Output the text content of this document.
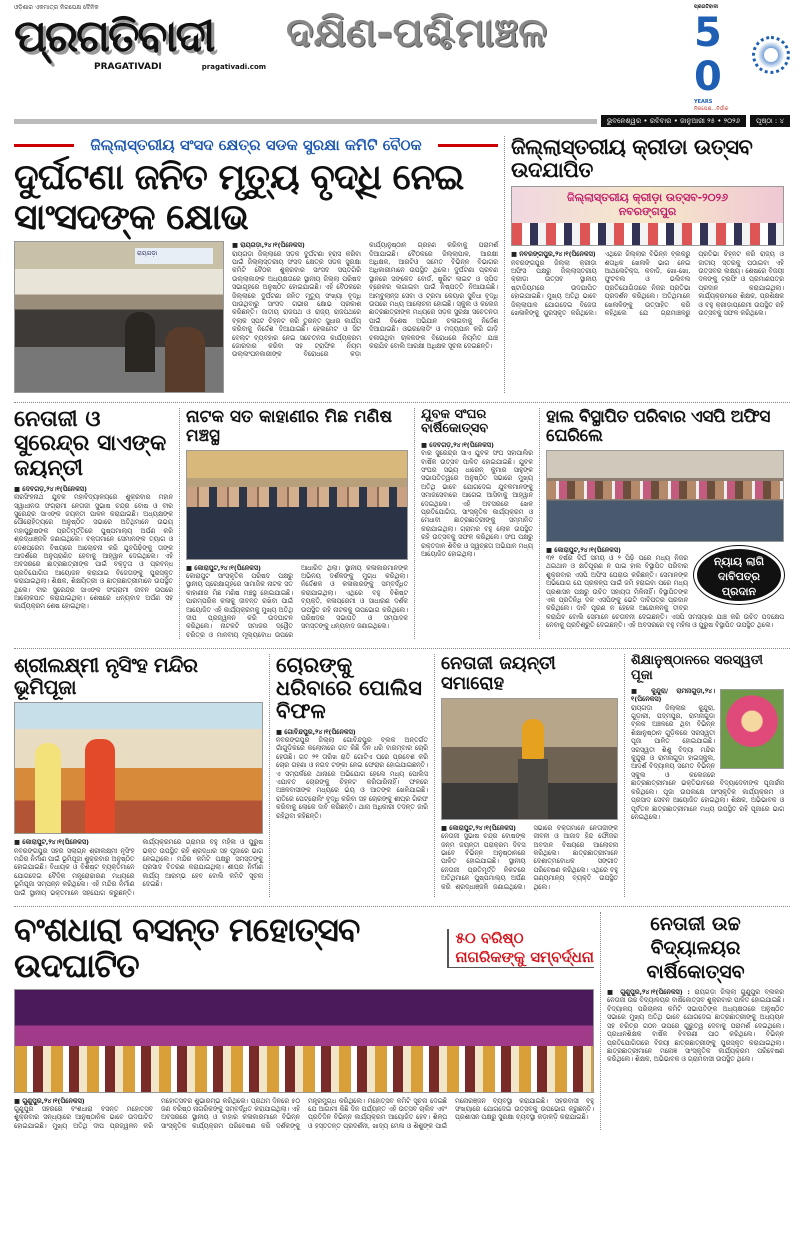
ଓଡ଼ିଶାର ଏକମାତ୍ର ନିରପେକ୍ଷ ଦୈନିକ
ପ୍ରଗତିବାଦୀ
PRAGATIVADI	pragativadi.com
ଦକ୍ଷିଣ-ପଶ୍ଚିମାଞ୍ଚଳ
ପ୍ରଗତିବାଦୀ
50
YEARS
ନିରପେକ୍ଷ...ନିର୍ଭୀକ
ଭୁବନେଶ୍ୱର • ରବିବାର • ଜାନୁଆରୀ ୨୫ • ୨୦୨୬	ପୃଷ୍ଠା : ୪
ଜିଲ୍ଲାସ୍ତରୀୟ ସଂସଦ କ୍ଷେତ୍ର ସଡକ ସୁରକ୍ଷା କମିଟି ବୈଠକ
ଦୁର୍ଘଟଣା ଜନିତ ମୃତ୍ୟୁ ବୃଦ୍ଧି ନେଇ ସାଂସଦଙ୍କ କ୍ଷୋଭ
ରାୟଗଡ଼ା
■ ରାୟଗଡ଼ା,୨୪।୧(ପିନେକସ)
ରାୟଗଡ଼ା ଜିଲ୍ଲାରେ ସଡ଼କ ଦୁର୍ଘଟଣା ହ୍ରାସ କରିବା ପାଇଁ ଜିଲ୍ଲାସ୍ତରୀୟ ସଂସଦ କ୍ଷେତ୍ର ସଡକ ସୁରକ୍ଷା କମିଟି ବୈଠକ ଶୁକ୍ରବାର ସାଂସଦ ସପ୍ତଗିରି ଉଲ୍ଲାକାଙ୍କ ଅଧ୍ୟକ୍ଷତାରେ ସ୍ଥାନୀୟ ଜିଲ୍ଲା ପରିଷଦ ସଭାଗୃହରେ ଅନୁଷ୍ଠିତ ହୋଇଯାଇଛି। ଏହି ବୈଠକରେ ଜିଲ୍ଲାରେ ଦୁର୍ଘଟଣା ଜନିତ ମୃତ୍ୟୁ ସଂଖ୍ୟା ବୃଦ୍ଧି ପାଉଥିବାରୁ ସାଂସଦ ଗଭୀର କ୍ଷୋଭ ପ୍ରକାଶ କରିଛନ୍ତି। ଜାତୀୟ ରାଜପଥ ଓ ରାଜ୍ୟ ରାଜପଥରେ ବ୍ଲାକ ସ୍ପଟ ଚିହ୍ନଟ କରି ତୁରନ୍ତ ସୁଧାର କାର୍ଯ୍ୟ କରିବାକୁ ନିର୍ଦ୍ଦେଶ ଦିଆଯାଇଛି। ହେଲମେଟ ଓ ସିଟ ବେଲ୍ଟ ବ୍ୟବହାର ନେଇ ସଚେତନତା କାର୍ଯ୍ୟକ୍ରମ ଜୋରଦାର କରିବା ସହ ଟ୍ରାଫିକ ନିୟମ ଉଲ୍ଲଂଘନକାରୀଙ୍କ ବିରୋଧରେ କଡ଼ା କାର୍ଯ୍ୟାନୁଷ୍ଠାନ ଗ୍ରହଣ କରିବାକୁ ପରାମର୍ଶ ଦିଆଯାଇଛି। ବୈଠକରେ ଜିଲ୍ଲାପାଳ, ଆରକ୍ଷୀ ଅଧିକ୍ଷକ, ଆରଟିଓ ସମେତ ବିଭିନ୍ନ ବିଭାଗର ଅଧିକାରୀମାନେ ଉପସ୍ଥିତ ଥିଲେ। ଦୁର୍ଘଟଣା ପ୍ରବଣ ସ୍ଥାନରେ ସଙ୍କେତ ବୋର୍ଡ, ଷ୍ଟ୍ରିଟ ଲାଇଟ ଓ ସ୍ପିଡ ବ୍ରେକର ଲଗାଇବା ପାଇଁ ନିଷ୍ପତ୍ତି ନିଆଯାଇଛି। ଆମ୍ବୁଲାନ୍ସ ସେବା ଓ ଟ୍ରମା କେୟାର ସୁବିଧା ବୃଦ୍ଧି ଉପରେ ମଧ୍ୟ ଆଲୋଚନା ହୋଇଛି। ସ୍କୁଲ ଓ କଲେଜ ଛାତ୍ରଛାତ୍ରୀଙ୍କ ମଧ୍ୟରେ ସଡ଼କ ସୁରକ୍ଷା ସଚେତନତା ପାଇଁ ବିଶେଷ ଅଭିଯାନ ଚଳାଇବାକୁ ନିର୍ଦ୍ଦେଶ ଦିଆଯାଇଛି। ଓଭରଲୋଡିଂ ଓ ମଦ୍ୟପାନ କରି ଗାଡ଼ି ଚଳାଉଥିବା ଚାଳକଙ୍କ ବିରୋଧରେ ନିୟମିତ ଯାଞ୍ଚ କରାଯିବ ବୋଲି ଆରକ୍ଷୀ ଅଧିକ୍ଷକ ସୂଚନା ଦେଇଛନ୍ତି।
ଜିଲ୍ଲାସ୍ତରୀୟ କ୍ରୀଡା ଉତ୍ସବ ଉଦଯାପିତ
ଜିଲ୍ଲାସ୍ତରୀୟ କ୍ରୀଡ଼ା ଉତ୍ସବ-୨୦୨୬
ନବରଙ୍ଗପୁର
■ ନବରଙ୍ଗପୁର,୨୪।୧(ପିନେକସ)
ନବରଙ୍ଗପୁର ଜିଲ୍ଲା କ୍ରୀଡ଼ା ଅଫିସ ପକ୍ଷରୁ ଜିଲ୍ଲାସ୍ତରୀୟ କ୍ରୀଡ଼ା ଉତ୍ସବ ସ୍ଥାନୀୟ ଷ୍ଟାଡିୟମରେ ଉଦଯାପିତ ହୋଇଯାଇଛି। ମୁଖ୍ୟ ଅତିଥି ଭାବେ ଜିଲ୍ଲାପାଳ ଯୋଗଦେଇ ବିଜେତା ଖେଳାଳିଙ୍କୁ ପୁରସ୍କୃତ କରିଥିଲେ। ଏଥିରେ ଜିଲ୍ଲାର ବିଭିନ୍ନ ବ୍ଲକରୁ ଶତାଧିକ ଖେଳାଳି ଭାଗ ନେଇ ଆଥଲେଟିକ୍ସ, କବାଡି, ଖୋ-ଖୋ, ଫୁଟବଲ ଓ ଭଲିବଲ ପ୍ରତିଯୋଗିତାରେ ନିଜର ପ୍ରତିଭା ପ୍ରଦର୍ଶନ କରିଥିଲେ। ଅତିଥିମାନେ ଖେଳାଳିଙ୍କୁ ଉତ୍ସାହିତ କରି କହିଥିଲେ ଯେ ଗ୍ରାମାଞ୍ଚଳରୁ ପ୍ରତିଭା ଚିହ୍ନଟ କରି ରାଜ୍ୟ ଓ ଜାତୀୟ ସ୍ତରକୁ ପଠାଇବା ଏହି ଉତ୍ସବର ଲକ୍ଷ୍ୟ। ଶେଷରେ ବିଜୟୀ ଦଳଙ୍କୁ ଟ୍ରଫି ଓ ପ୍ରମାଣପତ୍ର ପ୍ରଦାନ କରାଯାଇଥିଲା। କାର୍ଯ୍ୟକ୍ରମରେ ଶିକ୍ଷକ, ପ୍ରଶିକ୍ଷକ ଓ ବହୁ କ୍ରୀଡ଼ାପ୍ରେମୀ ଉପସ୍ଥିତ ରହି ଉତ୍ସବକୁ ସଫଳ କରିଥିଲେ।
ନେତାଜୀ ଓ ସୁରେନ୍ଦ୍ର ସାଏଙ୍କ ଜୟନ୍ତୀ
■ ଦେବଗଡ଼,୨୪।୧(ପିନେକସ)
ନାରସିଂହନାଥ ଯୁବକ ମହାବିଦ୍ୟାଳୟରେ ଶୁକ୍ରବାର ମହାନ ସ୍ୱାଧୀନତା ସଂଗ୍ରାମୀ ନେତାଜୀ ସୁଭାଷ ଚନ୍ଦ୍ର ବୋଷ ଓ ବୀର ସୁରେନ୍ଦ୍ର ସାଏଙ୍କ ଜୟନ୍ତୀ ପାଳନ କରାଯାଇଛି। ଅଧ୍ୟକ୍ଷଙ୍କ ପୌରୋହିତ୍ୟରେ ଅନୁଷ୍ଠିତ ସଭାରେ ଅତିଥିମାନେ ଉଭୟ ମହାପୁରୁଷଙ୍କ ପ୍ରତିମୂର୍ତ୍ତିରେ ପୁଷ୍ପମାଲ୍ୟ ଅର୍ପଣ କରି ଶ୍ରଦ୍ଧାଞ୍ଜଳି ଜଣାଇଥିଲେ। ବକ୍ତାମାନେ ସେମାନଙ୍କ ତ୍ୟାଗ ଓ ଦେଶପ୍ରେମ ବିଷୟରେ ଆଲୋଚନା କରି ଯୁବପିଢ଼ିଙ୍କୁ ତାଙ୍କ ଆଦର୍ଶରେ ଅନୁପ୍ରାଣିତ ହେବାକୁ ଆହ୍ୱାନ ଦେଇଥିଲେ। ଏହି ଅବସରରେ ଛାତ୍ରଛାତ୍ରୀଙ୍କ ପାଇଁ ବକ୍ତୃତା ଓ ପ୍ରବନ୍ଧ ପ୍ରତିଯୋଗିତା ଆୟୋଜନ କରାଯାଇ ବିଜେତାଙ୍କୁ ପୁରସ୍କୃତ କରାଯାଇଥିଲା। ଶିକ୍ଷକ, ଶିକ୍ଷୟିତ୍ରୀ ଓ ଛାତ୍ରଛାତ୍ରୀମାନେ ଉପସ୍ଥିତ ଥିଲେ। ବୀର ସୁରେନ୍ଦ୍ର ସାଏଙ୍କ ସଂଗ୍ରାମୀ ଜୀବନ ଉପରେ ଆଲୋକପାତ କରାଯାଇଥିଲା। ଶେଷରେ ଧନ୍ୟବାଦ ଅର୍ପଣ ସହ କାର୍ଯ୍ୟକ୍ରମ ଶେଷ ହୋଇଥିଲା।
ନାଟକ ସତ କାହାଣୀର ମିଛ ମଣିଷ ମଞ୍ଚସ୍ଥ
■ କୋରାପୁଟ,୨୪।୧(ପିନେକସ)
କୋରାପୁଟ ସାଂସ୍କୃତିକ ପରିଷଦ ପକ୍ଷରୁ ସ୍ଥାନୀୟ ପ୍ରେକ୍ଷାଗୃହରେ ସାମାଜିକ ନାଟକ ସତ କାହାଣୀର ମିଛ ମଣିଷ ମଞ୍ଚସ୍ଥ ହୋଇଯାଇଛି। ପାରମ୍ପରିକ କଳାକୁ ଜୀବନ୍ତ ରଖିବା ପାଇଁ ଆୟୋଜିତ ଏହି କାର୍ଯ୍ୟକ୍ରମକୁ ମୁଖ୍ୟ ଅତିଥି ଦୀପ ପ୍ରଜ୍ୱଳନ କରି ଉଦଘାଟନ କରିଥିଲେ। ନାଟକଟି ସମାଜର ଦ୍ୱୈତ ଚରିତ୍ର ଓ ମାନବୀୟ ମୂଲ୍ୟବୋଧ ଉପରେ ଆଧାରିତ ଥିଲା। ସ୍ଥାନୀୟ କଳାକାରମାନଙ୍କ ଅଭିନୟ ଦର୍ଶକଙ୍କୁ ମୁଗ୍ଧ କରିଥିଲା। ନିର୍ଦ୍ଦେଶକ ଓ କଳାକାରଙ୍କୁ ସମ୍ବର୍ଦ୍ଧିତ କରାଯାଇଥିଲା। ଏଥିରେ ବହୁ ବିଶିଷ୍ଟ ବ୍ୟକ୍ତି, କଳାପ୍ରେମୀ ଓ ସାଧାରଣ ଦର୍ଶକ ଉପସ୍ଥିତ ରହି ନାଟକକୁ ଉପଭୋଗ କରିଥିଲେ। ପରିଷଦର ସଭାପତି ଓ ସମ୍ପାଦକ ସମସ୍ତଙ୍କୁ ଧନ୍ୟବାଦ ଜଣାଇଥିଲେ।
ଯୁବକ ସଂଘର ବାର୍ଷିକୋତ୍ସବ
■ ଦେବଗଡ଼,୨୪।୧(ପିନେକସ)
ବାର ସୁରେନ୍ଦ୍ର ସାଏ ଯୁବକ ସଂଘ ସହାପାଲିର ବାର୍ଷିକ ଉତ୍ସବ ପାଳିତ ହୋଇଯାଇଛି। ଯୁବକ ସଂଘର ସଭ୍ୟ ଧାରେନ୍ କୁମାର ସାହୁଙ୍କ ସଭାପତିତ୍ୱରେ ଅନୁଷ୍ଠିତ ସଭାରେ ମୁଖ୍ୟ ଅତିଥି ଭାବେ ଯୋଗଦେଇ ଯୁବକମାନଙ୍କୁ ସମାଜସେବାରେ ଆଗେଇ ଆସିବାକୁ ଆହ୍ୱାନ ଦେଇଥିଲେ। ଏହି ଅବସରରେ ଖେଳ ପ୍ରତିଯୋଗିତା, ସାଂସ୍କୃତିକ କାର୍ଯ୍ୟକ୍ରମ ଓ ମେଧାବୀ ଛାତ୍ରଛାତ୍ରୀଙ୍କୁ ସମ୍ମାନିତ କରାଯାଇଥିଲା। ଗ୍ରାମର ବହୁ ଲୋକ ଉପସ୍ଥିତ ରହି ଉତ୍ସବକୁ ସଫଳ କରିଥିଲେ। ସଂଘ ପକ୍ଷରୁ ରକ୍ତଦାନ ଶିବିର ଓ ସ୍ୱଚ୍ଛତା ଅଭିଯାନ ମଧ୍ୟ ଆୟୋଜିତ ହୋଇଥିଲା।
ହାଲ ବିସ୍ଥାପିତ ପରିବାର ଏସପି ଅଫିସ ଘେରିଲେ
ନ୍ୟାୟ ଲାଗି ଦାବିପତ୍ର ପ୍ରଦାନ
■ କୋରାପୁଟ,୨୪।୧(ପିନେକସ)
୩୧ ବର୍ଷର ଦିର୍ଘ ସମୟ ଓ ୨ ପିଢ଼ି ପରେ ମଧ୍ୟ ନିଜର ଥଇଥାନ ଓ କ୍ଷତିପୂରଣ ନ ପାଇ ହାଲ ବିସ୍ଥାପିତ ପରିବାର ଶୁକ୍ରବାର ଏସପି ଅଫିସ ଘେରାଉ କରିଛନ୍ତି। ସେମାନଙ୍କ ଅଭିଯୋଗ ଯେ ପ୍ରକଳ୍ପ ପାଇଁ ଜମି ହରାଇବା ପରେ ମଧ୍ୟ ପ୍ରଶାସନ ପକ୍ଷରୁ ଉଚିତ ସହାୟତା ମିଳିନାହିଁ। ବିସ୍ଥାପିତଙ୍କ ଏକ ପ୍ରତିନିଧି ଦଳ ଏସପିଙ୍କୁ ଭେଟି ଦାବିପତ୍ର ପ୍ରଦାନ କରିଥିଲେ। ଦାବି ପୂରଣ ନ ହେଲେ ଆନ୍ଦୋଳନକୁ ତୀବ୍ର କରାଯିବ ବୋଲି ସେମାନେ ଚେତାବନୀ ଦେଇଛନ୍ତି। ଏସପି ସମସ୍ୟାର ଯାଞ୍ଚ କରି ଉଚିତ ପଦକ୍ଷେପ ନେବାକୁ ପ୍ରତିଶ୍ରୁତି ଦେଇଛନ୍ତି। ଏହି ଅବସରରେ ବହୁ ମହିଳା ଓ ପୁରୁଷ ବିସ୍ଥାପିତ ଉପସ୍ଥିତ ଥିଲେ।
ଶ୍ରୀଲକ୍ଷ୍ମୀ ନୃସିଂହ ମନ୍ଦିର ଭୂମିପୂଜା
■ କୋରାପୁଟ,୨୪।୧(ପିନେକସ)
ନବରଙ୍ଗପୁର ସହର ସଲାଗ୍ନ ଶ୍ରୀଲକ୍ଷ୍ମୀ ନୃସିଂହ ମନ୍ଦିର ନିର୍ମାଣ ପାଇଁ ଭୂମିପୂଜା ଶୁକ୍ରବାର ଅନୁଷ୍ଠିତ ହୋଇଯାଇଛି। ବିଧାୟକ ଓ ବିଶିଷ୍ଟ ବ୍ୟକ୍ତିମାନେ ଯୋଗଦେଇ ବୈଦିକ ମନ୍ତ୍ରୋଚ୍ଚାରଣ ମଧ୍ୟରେ ଭୂମିପୂଜା ସମ୍ପନ୍ନ କରିଥିଲେ। ଏହି ମନ୍ଦିର ନିର୍ମାଣ ପାଇଁ ସ୍ଥାନୀୟ ଭକ୍ତମାନେ ସହଯୋଗ କରୁଛନ୍ତି। କାର୍ଯ୍ୟକ୍ରମରେ ଗ୍ରାମର ବହୁ ମହିଳା ଓ ପୁରୁଷ ଭକ୍ତ ଉପସ୍ଥିତ ରହି ଶ୍ରଦ୍ଧାର ସହ ପୂଜାରେ ଭାଗ ନେଇଥିଲେ। ମନ୍ଦିର କମିଟି ପକ୍ଷରୁ ସମସ୍ତଙ୍କୁ ପ୍ରସାଦ ବିତରଣ କରାଯାଇଥିଲା। ଶୀଘ୍ର ନିର୍ମାଣ କାର୍ଯ୍ୟ ଆରମ୍ଭ ହେବ ବୋଲି କମିଟି ସୂଚନା ଦେଇଛି।
ଚୋରଙ୍କୁ ଧରିବାରେ ପୋଲିସ ବିଫଳ
■ ଗୋବିନ୍ଦପୁର,୨୪।୧(ପିନେକସ)
ନବରଙ୍ଗପୁର ଜିଲ୍ଲା ଗୋବିନ୍ଦପୁର ବ୍ଲକ ଅନ୍ତର୍ଗତ ଗାଁଗୁଡ଼ିକରେ କଲୋନୀରେ ଗତ କିଛି ଦିନ ଧରି ବାରମ୍ବାର ଚୋରି ହେଉଛି। ଗତ ୨୧ ତାରିଖ ରାତି ଗୋଟିଏ ଘରେ ପ୍ରବେଶ କରି ଚୋର ଗହଣା ଓ ନଗଦ ଟଙ୍କା ନେଇ ଫେରାର ହୋଇଯାଇଛନ୍ତି। ଏ ସମ୍ପର୍କରେ ଥାନାରେ ଅଭିଯୋଗ ହେଲେ ମଧ୍ୟ ପୋଲିସ ଏଯାବତ ଚୋରଙ୍କୁ ଚିହ୍ନଟ କରିପାରିନାହିଁ। ଫଳରେ ଅଞ୍ଚଳବାସୀଙ୍କ ମଧ୍ୟରେ ଭୟ ଓ ଆତଙ୍କ ଖେଳିଯାଇଛି। ରାତିରେ ପେଟ୍ରୋଲିଂ ବୃଦ୍ଧି କରିବା ସହ ଚୋରଙ୍କୁ ଶୀଘ୍ର ଗିରଫ କରିବାକୁ ଲୋକେ ଦାବି କରିଛନ୍ତି। ଥାନା ଅଧିକାରୀ ତଦନ୍ତ ଜାରି ରହିଥିବା କହିଛନ୍ତି।
ନେତାଜୀ ଜୟନ୍ତୀ ସମାରୋହ
■ କୋରାପୁଟ,୨୪।୧(ପିନେକସ)
ନେତାଜୀ ସୁଭାଷ ଚନ୍ଦ୍ର ବୋଷଙ୍କ ଜନ୍ମ ଜୟନ୍ତୀ ପରାକ୍ରମ ଦିବସ ଭାବେ ବିଭିନ୍ନ ଅନୁଷ୍ଠାନରେ ପାଳିତ ହୋଇଯାଇଛି। ସ୍ଥାନୀୟ ନେତାଜୀ ପ୍ରତିମୂର୍ତ୍ତି ନିକଟରେ ଅତିଥିମାନେ ପୁଷ୍ପମାଲ୍ୟ ଅର୍ପଣ କରି ଶ୍ରଦ୍ଧାଞ୍ଜଳି ଜଣାଇଥିଲେ। ସଭାରେ ବକ୍ତାମାନେ ନେତାଜୀଙ୍କ ଜୀବନୀ ଓ ଆଜାଦ ହିନ୍ଦ ଫୌଜର ଅବଦାନ ବିଷୟରେ ଆଲୋଚନା କରିଥିଲେ। ଛାତ୍ରଛାତ୍ରୀମାନେ ଦେଶାତ୍ମବୋଧକ ସଙ୍ଗୀତ ପରିବେଷଣ କରିଥିଲେ। ଏଥିରେ ବହୁ ଗଣ୍ୟମାନ୍ୟ ବ୍ୟକ୍ତି ଉପସ୍ଥିତ ଥିଲେ।
ଶିକ୍ଷାନୁଷ୍ଠାନରେ ସରସ୍ୱତୀ ପୂଜା
■ କୁନ୍ଦୁରା/ ରାମନାଗୁଡ଼ା,୨୪।୧(ପିନେକସ)
ରାୟଗଡ଼ା ଜିଲ୍ଲାର କୁନ୍ଦୁରା, ଗୁଡ଼ାରୀ, ପଦ୍ମପୁର, ରାମନାଗୁଡ଼ା ବ୍ଲକ ଅଞ୍ଚଳରେ ଥିବା ବିଭିନ୍ନ ଶିକ୍ଷାନୁଷ୍ଠାନ ଗୁଡ଼ିକରେ ସରସ୍ୱତୀ ପୂଜା ପାଳିତ ହୋଇଯାଇଛି। ସରସ୍ୱତୀ ଶିଶୁ ବିଦ୍ୟା ମନ୍ଦିର କୁନ୍ଦୁରା ଓ ରାମନାଗୁଡ଼ା ହାଇସ୍କୁଲ, ଆଦର୍ଶ ବିଦ୍ୟାଳୟ ସମେତ ବିଭିନ୍ନ ସ୍କୁଲ ଓ କଲେଜରେ ଛାତ୍ରଛାତ୍ରୀମାନେ ଭକ୍ତିଭାବରେ ବିଦ୍ୟାଦେବୀଙ୍କ ପୂଜାର୍ଚ୍ଚନା କରିଥିଲେ। ପୂଜା ଉପଲକ୍ଷେ ସାଂସ୍କୃତିକ କାର୍ଯ୍ୟକ୍ରମ ଓ ପ୍ରସାଦ ସେବନ ଆୟୋଜିତ ହୋଇଥିଲା। ଶିକ୍ଷକ, ଅଭିଭାବକ ଓ ପୂର୍ବତନ ଛାତ୍ରଛାତ୍ରୀମାନେ ମଧ୍ୟ ଉପସ୍ଥିତ ରହି ପୂଜାରେ ଭାଗ ନେଇଥିଲେ।
ବଂଶଧାରା ବସନ୍ତ ମହୋତ୍ସବ ଉଦଘାଟିତ
୫୦ ବରିଷ୍ଠ
ନାଗରିକଙ୍କୁ ସମ୍ବର୍ଦ୍ଧନା
■ ଗୁଣୁପୁର,୨୪।୧(ପିନେକସ)
ଗୁଣୁପୁର ସହରରେ ବଂଶଧାରା ବସନ୍ତ ମହୋତ୍ସବ ଶୁକ୍ରବାର ସନ୍ଧ୍ୟାରେ ଆନୁଷ୍ଠାନିକ ଭାବେ ଉଦଘାଟିତ ହୋଇଯାଇଛି। ମୁଖ୍ୟ ଅତିଥି ଦୀପ ପ୍ରଜ୍ୱଳନ କରି ମହୋତ୍ସବର ଶୁଭାରମ୍ଭ କରିଥିଲେ। ପ୍ରଥମ ଦିନରେ ୫୦ ଜଣ ବରିଷ୍ଠ ନାଗରିକଙ୍କୁ ସମ୍ବର୍ଦ୍ଧିତ କରାଯାଇଥିଲା। ଏହି ଅବସରରେ ସ୍ଥାନୀୟ ଓ ବାହାର କଳାକାରମାନେ ବିଭିନ୍ନ ସାଂସ୍କୃତିକ କାର୍ଯ୍ୟକ୍ରମ ପରିବେଷଣ କରି ଦର୍ଶକଙ୍କୁ ମନ୍ତ୍ରମୁଗ୍ଧ କରିଥିଲେ। ମହୋତ୍ସବ କମିଟି ସୂଚନା ଦେଇଛି ଯେ ଆଗାମୀ କିଛି ଦିନ ପର୍ଯ୍ୟନ୍ତ ଏହି ଉତ୍ସବ ଚାଲିବ ଏବଂ ପ୍ରତିଦିନ ବିଭିନ୍ନ କାର୍ଯ୍ୟକ୍ରମ ଆୟୋଜିତ ହେବ। ଶିଳ୍ପ ଓ ହସ୍ତତନ୍ତ ପ୍ରଦର୍ଶନୀ, ଖାଦ୍ୟ ମେଳା ଓ ଶିଶୁଙ୍କ ପାଇଁ ମନୋରଞ୍ଜନ ବ୍ୟବସ୍ଥା କରାଯାଇଛି। ସହରବାସୀ ବହୁ ସଂଖ୍ୟାରେ ଯୋଗଦେଇ ଉତ୍ସବକୁ ଉପଭୋଗ କରୁଛନ୍ତି। ପ୍ରଶାସନ ପକ୍ଷରୁ ସୁରକ୍ଷା ବ୍ୟବସ୍ଥା କଡ଼ାକଡ଼ି କରାଯାଇଛି।
ନେତାଜୀ ଉଚ୍ଚ ବିଦ୍ୟାଳୟର ବାର୍ଷିକୋତ୍ସବ
■ ଗୁଣୁପୁର,୨୪।୧(ପିନେକସ) : ରାୟଗଡ଼ା ଜିଲ୍ଲା ଗୁଣୁପୁର ବ୍ଲକର ନେତାଜୀ ଉଚ୍ଚ ବିଦ୍ୟାଳୟର ବାର୍ଷିକୋତ୍ସବ ଶୁକ୍ରବାର ପାଳିତ ହୋଇଯାଇଛି। ବିଦ୍ୟାଳୟ ପରିଚାଳନା କମିଟି ସଭାପତିଙ୍କ ଅଧ୍ୟକ୍ଷତାରେ ଅନୁଷ୍ଠିତ ସଭାରେ ମୁଖ୍ୟ ଅତିଥି ଭାବେ ଯୋଗଦେଇ ଛାତ୍ରଛାତ୍ରୀଙ୍କୁ ଅଧ୍ୟୟନ ସହ ଚରିତ୍ର ଗଠନ ଉପରେ ଗୁରୁତ୍ୱ ଦେବାକୁ ପରାମର୍ଶ ଦେଇଥିଲେ। ପ୍ରଧାନଶିକ୍ଷକ ବାର୍ଷିକ ବିବରଣୀ ପାଠ କରିଥିଲେ। ବିଭିନ୍ନ ପ୍ରତିଯୋଗିତାରେ ବିଜୟୀ ଛାତ୍ରଛାତ୍ରୀଙ୍କୁ ପୁରସ୍କୃତ କରାଯାଇଥିଲା। ଛାତ୍ରଛାତ୍ରୀମାନେ ମନୋଜ୍ଞ ସାଂସ୍କୃତିକ କାର୍ଯ୍ୟକ୍ରମ ପରିବେଷଣ କରିଥିଲେ। ଶିକ୍ଷକ, ଅଭିଭାବକ ଓ ଗ୍ରାମବାସୀ ଉପସ୍ଥିତ ଥିଲେ।
